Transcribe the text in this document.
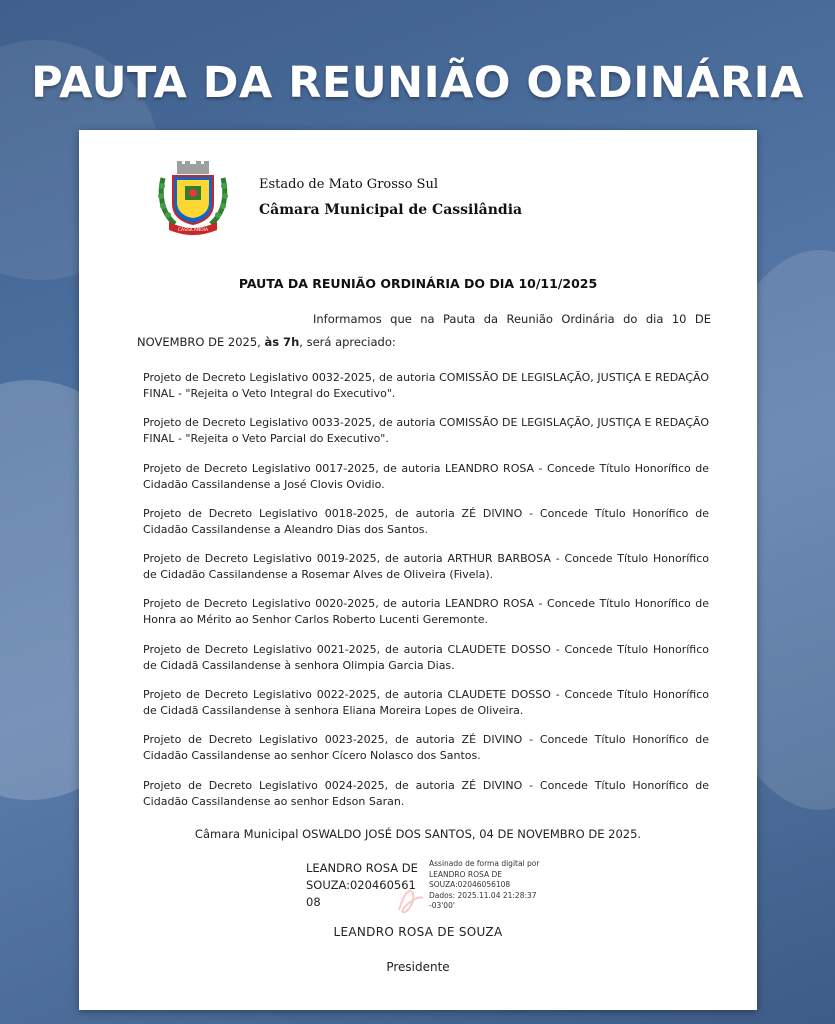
PAUTA DA REUNIÃO ORDINÁRIA
CASSILÂNDIA
Estado de Mato Grosso Sul
Câmara Municipal de Cassilândia
PAUTA DA REUNIÃO ORDINÁRIA DO DIA 10/11/2025
Informamos que na Pauta da Reunião Ordinária do dia 10 DE NOVEMBRO DE 2025, às 7h, será apreciado:
Projeto de Decreto Legislativo 0032-2025, de autoria COMISSÃO DE LEGISLAÇÃO, JUSTIÇA E REDAÇÃO FINAL - "Rejeita o Veto Integral do Executivo".
Projeto de Decreto Legislativo 0033-2025, de autoria COMISSÃO DE LEGISLAÇÃO, JUSTIÇA E REDAÇÃO FINAL - "Rejeita o Veto Parcial do Executivo".
Projeto de Decreto Legislativo 0017-2025, de autoria LEANDRO ROSA - Concede Título Honorífico de Cidadão Cassilandense a José Clovis Ovidio.
Projeto de Decreto Legislativo 0018-2025, de autoria ZÉ DIVINO - Concede Título Honorífico de Cidadão Cassilandense a Aleandro Dias dos Santos.
Projeto de Decreto Legislativo 0019-2025, de autoria ARTHUR BARBOSA - Concede Título Honorífico de Cidadão Cassilandense a Rosemar Alves de Oliveira (Fivela).
Projeto de Decreto Legislativo 0020-2025, de autoria LEANDRO ROSA - Concede Título Honorífico de Honra ao Mérito ao Senhor Carlos Roberto Lucenti Geremonte.
Projeto de Decreto Legislativo 0021-2025, de autoria CLAUDETE DOSSO - Concede Título Honorífico de Cidadã Cassilandense à senhora Olimpia Garcia Dias.
Projeto de Decreto Legislativo 0022-2025, de autoria CLAUDETE DOSSO - Concede Título Honorífico de Cidadã Cassilandense à senhora Eliana Moreira Lopes de Oliveira.
Projeto de Decreto Legislativo 0023-2025, de autoria ZÉ DIVINO - Concede Título Honorífico de Cidadão Cassilandense ao senhor Cícero Nolasco dos Santos.
Projeto de Decreto Legislativo 0024-2025, de autoria ZÉ DIVINO - Concede Título Honorífico de Cidadão Cassilandense ao senhor Edson Saran.
Câmara Municipal OSWALDO JOSÉ DOS SANTOS, 04 DE NOVEMBRO DE 2025.
LEANDRO ROSA DE
SOUZA:020460561
08
Assinado de forma digital por
LEANDRO ROSA DE
SOUZA:02046056108
Dados: 2025.11.04 21:28:37
-03'00'
LEANDRO ROSA DE SOUZA
Presidente
